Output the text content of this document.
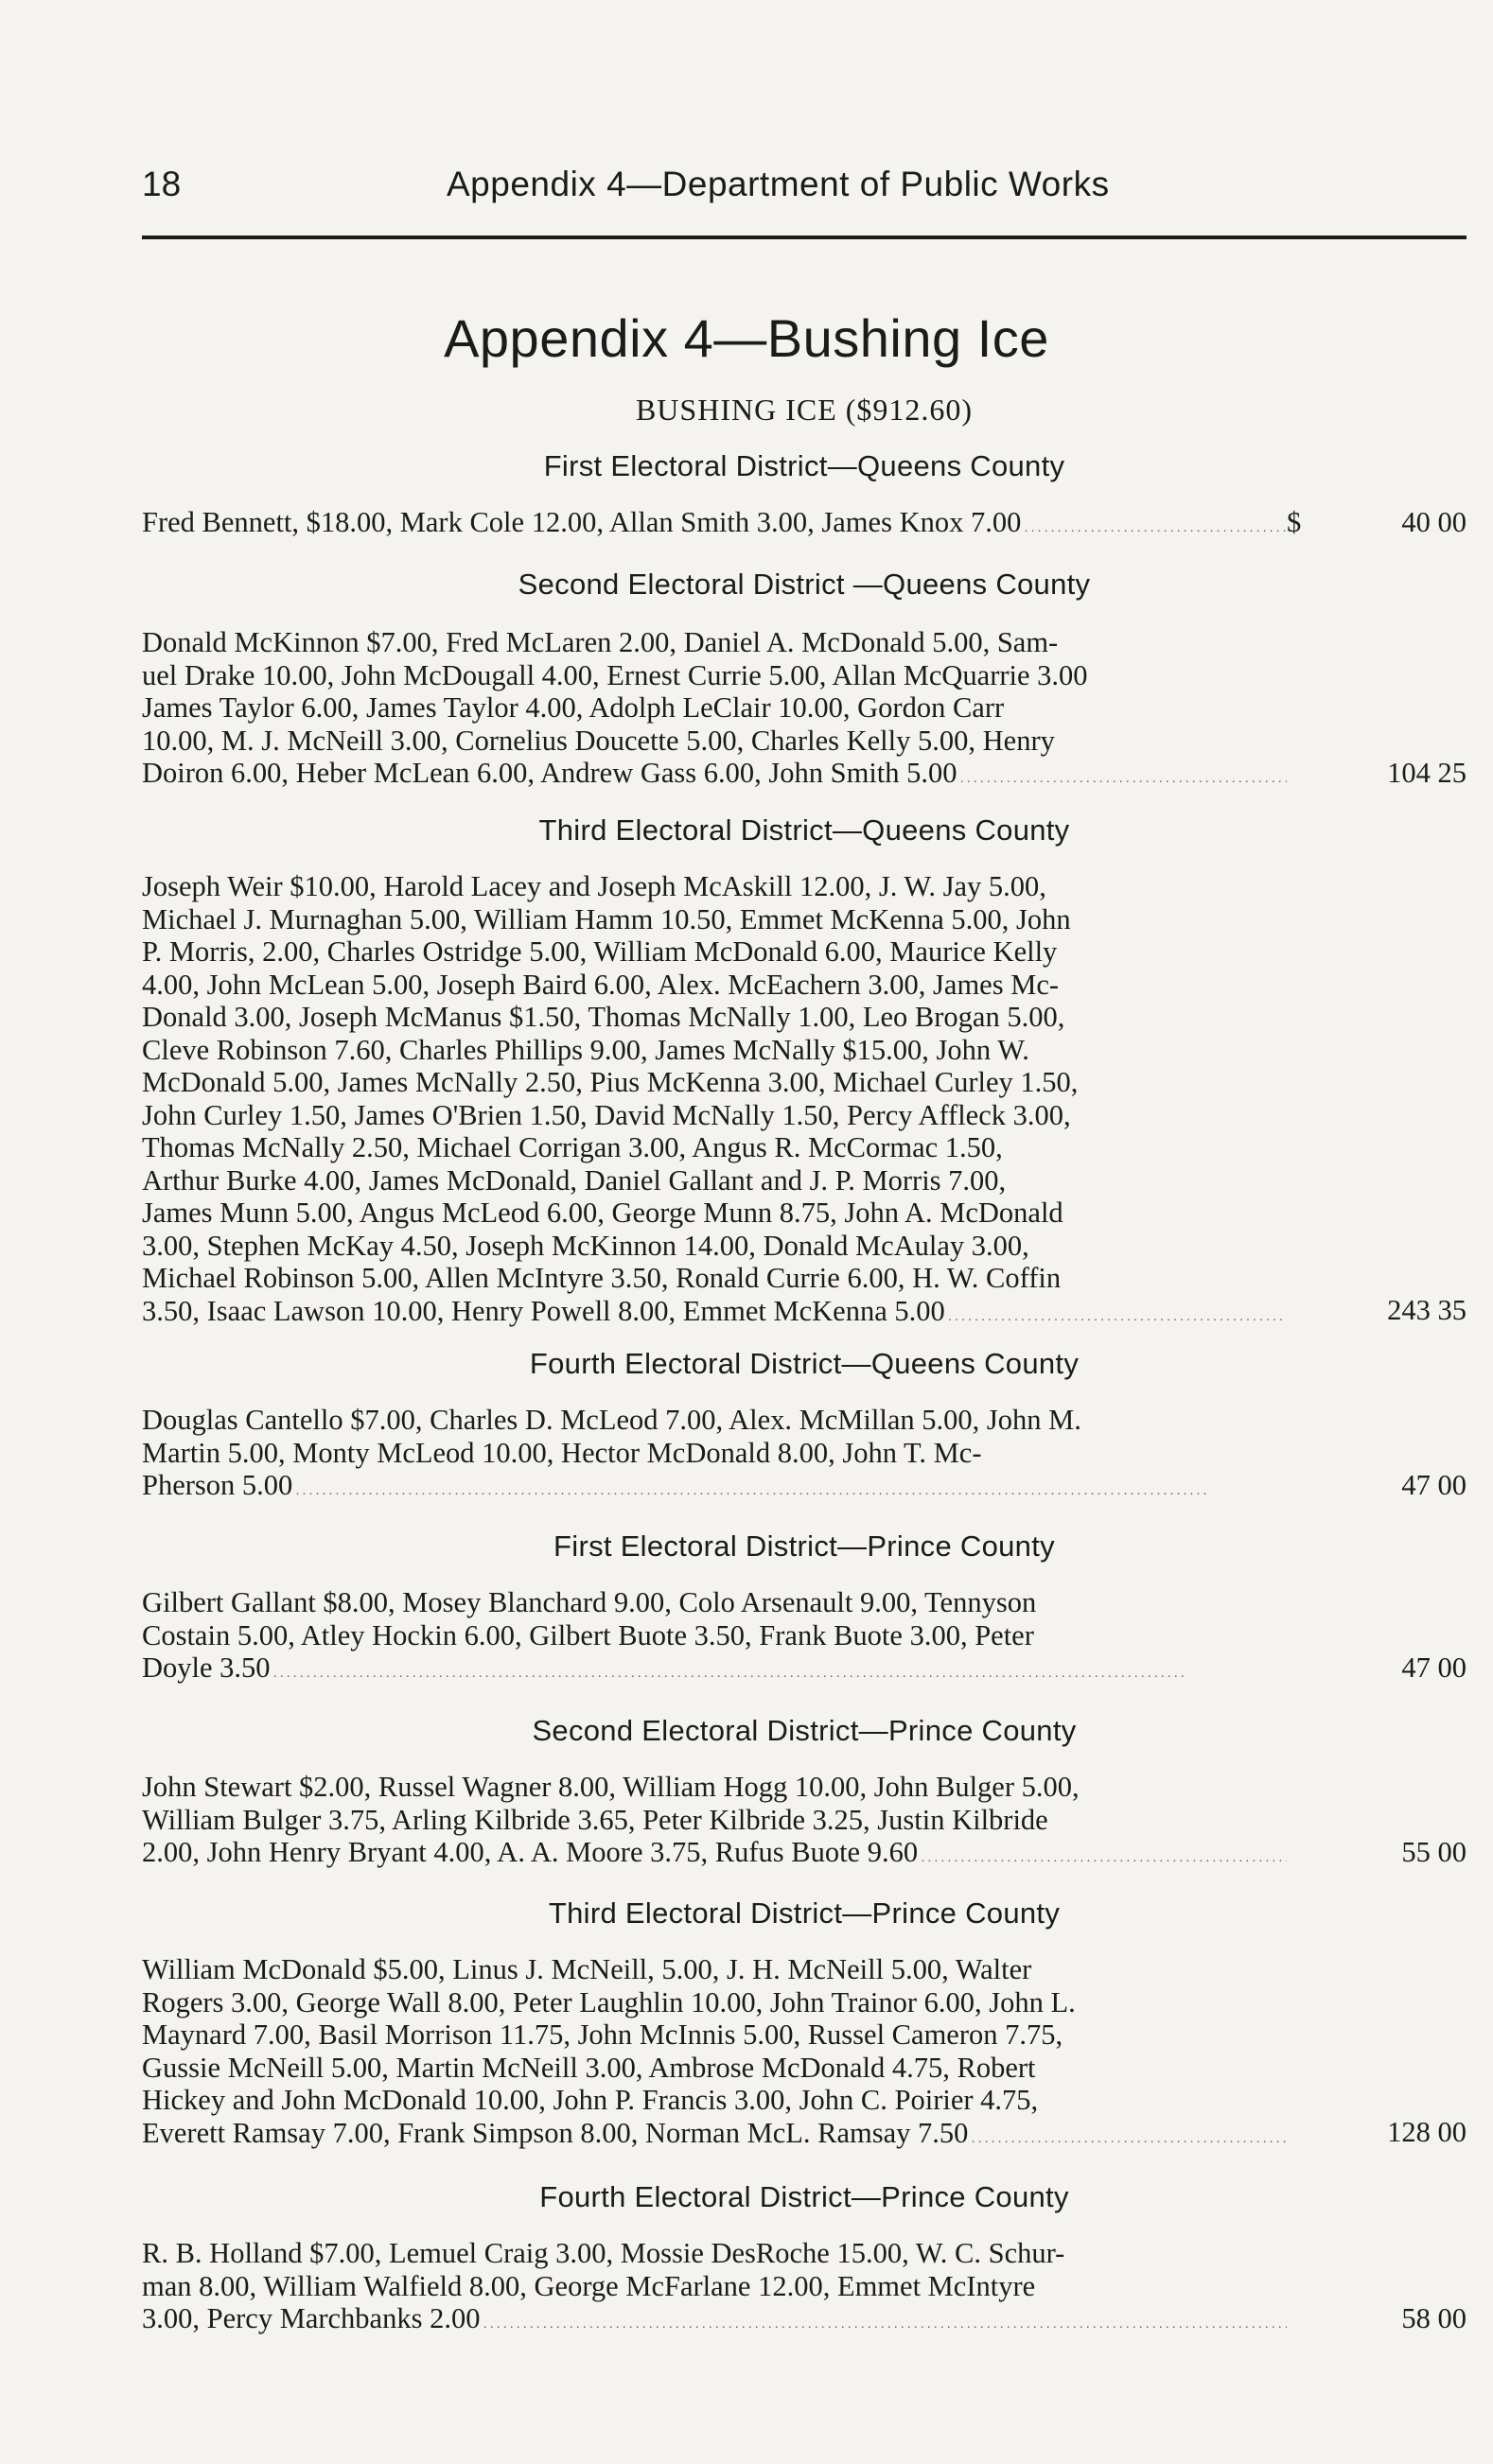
18	Appendix 4—Department of Public Works
Appendix 4—Bushing Ice
BUSHING ICE ($912.60)
First Electoral District—Queens County
Fred Bennett, $18.00, Mark Cole 12.00, Allan Smith 3.00, James Knox 7.00 . . .	$	40 00
Second Electoral District —Queens County
Donald McKinnon $7.00, Fred McLaren 2.00, Daniel A. McDonald 5.00, Sam-
uel Drake 10.00, John McDougall 4.00, Ernest Currie 5.00, Allan McQuarrie 3.00
James Taylor 6.00, James Taylor 4.00, Adolph LeClair 10.00, Gordon Carr
10.00, M. J. McNeill 3.00, Cornelius Doucette 5.00, Charles Kelly 5.00, Henry
Doiron 6.00, Heber McLean 6.00, Andrew Gass 6.00, John Smith 5.00 . . .	104 25
Third Electoral District—Queens County
Joseph Weir $10.00, Harold Lacey and Joseph McAskill 12.00, J. W. Jay 5.00,
Michael J. Murnaghan 5.00, William Hamm 10.50, Emmet McKenna 5.00, John
P. Morris, 2.00, Charles Ostridge 5.00, William McDonald 6.00, Maurice Kelly
4.00, John McLean 5.00, Joseph Baird 6.00, Alex. McEachern 3.00, James Mc-
Donald 3.00, Joseph McManus $1.50, Thomas McNally 1.00, Leo Brogan 5.00,
Cleve Robinson 7.60, Charles Phillips 9.00, James McNally $15.00, John W.
McDonald 5.00, James McNally 2.50, Pius McKenna 3.00, Michael Curley 1.50,
John Curley 1.50, James O'Brien 1.50, David McNally 1.50, Percy Affleck 3.00,
Thomas McNally 2.50, Michael Corrigan 3.00, Angus R. McCormac 1.50,
Arthur Burke 4.00, James McDonald, Daniel Gallant and J. P. Morris 7.00,
James Munn 5.00, Angus McLeod 6.00, George Munn 8.75, John A. McDonald
3.00, Stephen McKay 4.50, Joseph McKinnon 14.00, Donald McAulay 3.00,
Michael Robinson 5.00, Allen McIntyre 3.50, Ronald Currie 6.00, H. W. Coffin
3.50, Isaac Lawson 10.00, Henry Powell 8.00, Emmet McKenna 5.00 . . .	243 35
Fourth Electoral District—Queens County
Douglas Cantello $7.00, Charles D. McLeod 7.00, Alex. McMillan 5.00, John M.
Martin 5.00, Monty McLeod 10.00, Hector McDonald 8.00, John T. Mc-
Pherson 5.00 . . .	47 00
First Electoral District—Prince County
Gilbert Gallant $8.00, Mosey Blanchard 9.00, Colo Arsenault 9.00, Tennyson
Costain 5.00, Atley Hockin 6.00, Gilbert Buote 3.50, Frank Buote 3.00, Peter
Doyle 3.50 . . .	47 00
Second Electoral District—Prince County
John Stewart $2.00, Russel Wagner 8.00, William Hogg 10.00, John Bulger 5.00,
William Bulger 3.75, Arling Kilbride 3.65, Peter Kilbride 3.25, Justin Kilbride
2.00, John Henry Bryant 4.00, A. A. Moore 3.75, Rufus Buote 9.60 . . .	55 00
Third Electoral District—Prince County
William McDonald $5.00, Linus J. McNeill, 5.00, J. H. McNeill 5.00, Walter
Rogers 3.00, George Wall 8.00, Peter Laughlin 10.00, John Trainor 6.00, John L.
Maynard 7.00, Basil Morrison 11.75, John McInnis 5.00, Russel Cameron 7.75,
Gussie McNeill 5.00, Martin McNeill 3.00, Ambrose McDonald 4.75, Robert
Hickey and John McDonald 10.00, John P. Francis 3.00, John C. Poirier 4.75,
Everett Ramsay 7.00, Frank Simpson 8.00, Norman McL. Ramsay 7.50 . . .	128 00
Fourth Electoral District—Prince County
R. B. Holland $7.00, Lemuel Craig 3.00, Mossie DesRoche 15.00, W. C. Schur-
man 8.00, William Walfield 8.00, George McFarlane 12.00, Emmet McIntyre
3.00, Percy Marchbanks 2.00 . . .	58 00
